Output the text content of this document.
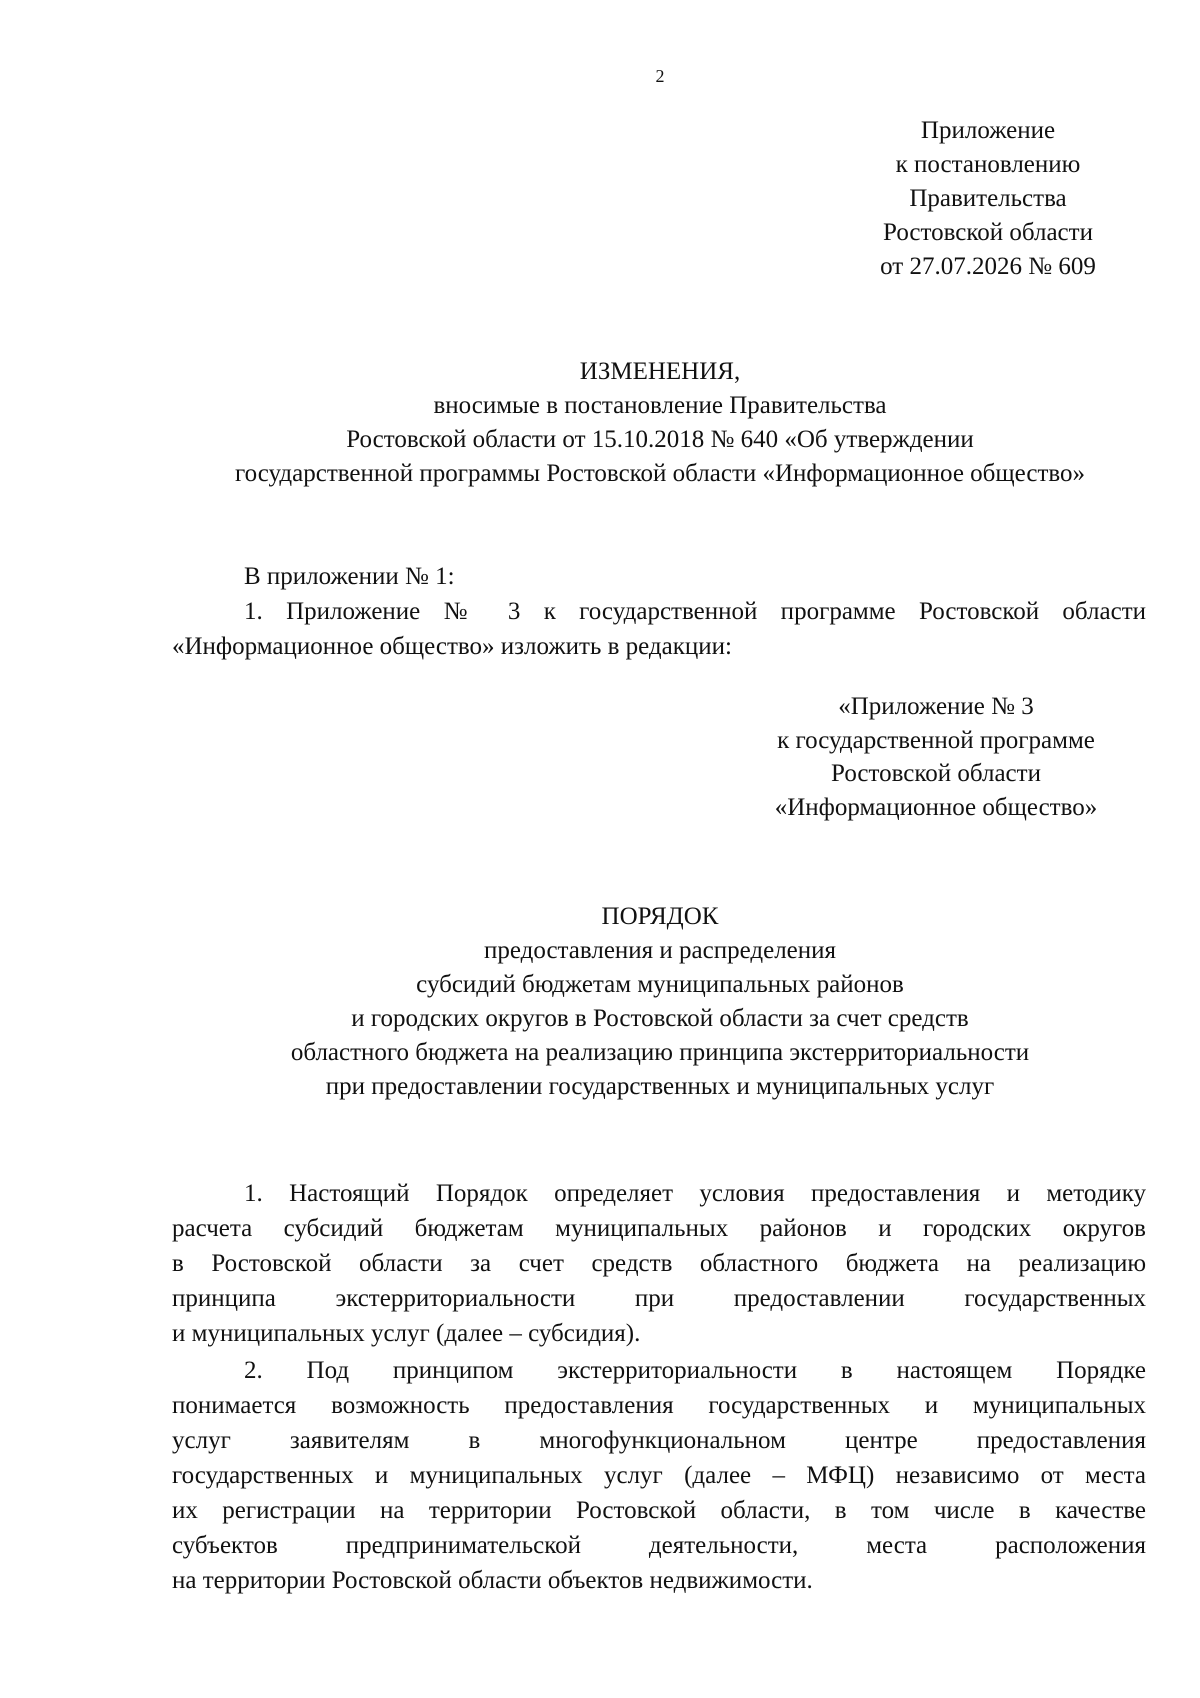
2
Приложение
к постановлению
Правительства
Ростовской области
от 27.07.2026 № 609
ИЗМЕНЕНИЯ,
вносимые в постановление Правительства
Ростовской области от 15.10.2018 № 640 «Об утверждении
государственной программы Ростовской области «Информационное общество»
В приложении № 1:
1. Приложение № 3 к государственной программе Ростовской области
«Информационное общество» изложить в редакции:
«Приложение № 3
к государственной программе
Ростовской области
«Информационное общество»
ПОРЯДОК
предоставления и распределения
субсидий бюджетам муниципальных районов
и городских округов в Ростовской области за счет средств
областного бюджета на реализацию принципа экстерриториальности
при предоставлении государственных и муниципальных услуг
1. Настоящий Порядок определяет условия предоставления и методику
расчета субсидий бюджетам муниципальных районов и городских округов
в Ростовской области за счет средств областного бюджета на реализацию
принципа экстерриториальности при предоставлении государственных
и муниципальных услуг (далее – субсидия).
2. Под принципом экстерриториальности в настоящем Порядке
понимается возможность предоставления государственных и муниципальных
услуг заявителям в многофункциональном центре предоставления
государственных и муниципальных услуг (далее – МФЦ) независимо от места
их регистрации на территории Ростовской области, в том числе в качестве
субъектов предпринимательской деятельности, места расположения
на территории Ростовской области объектов недвижимости.
